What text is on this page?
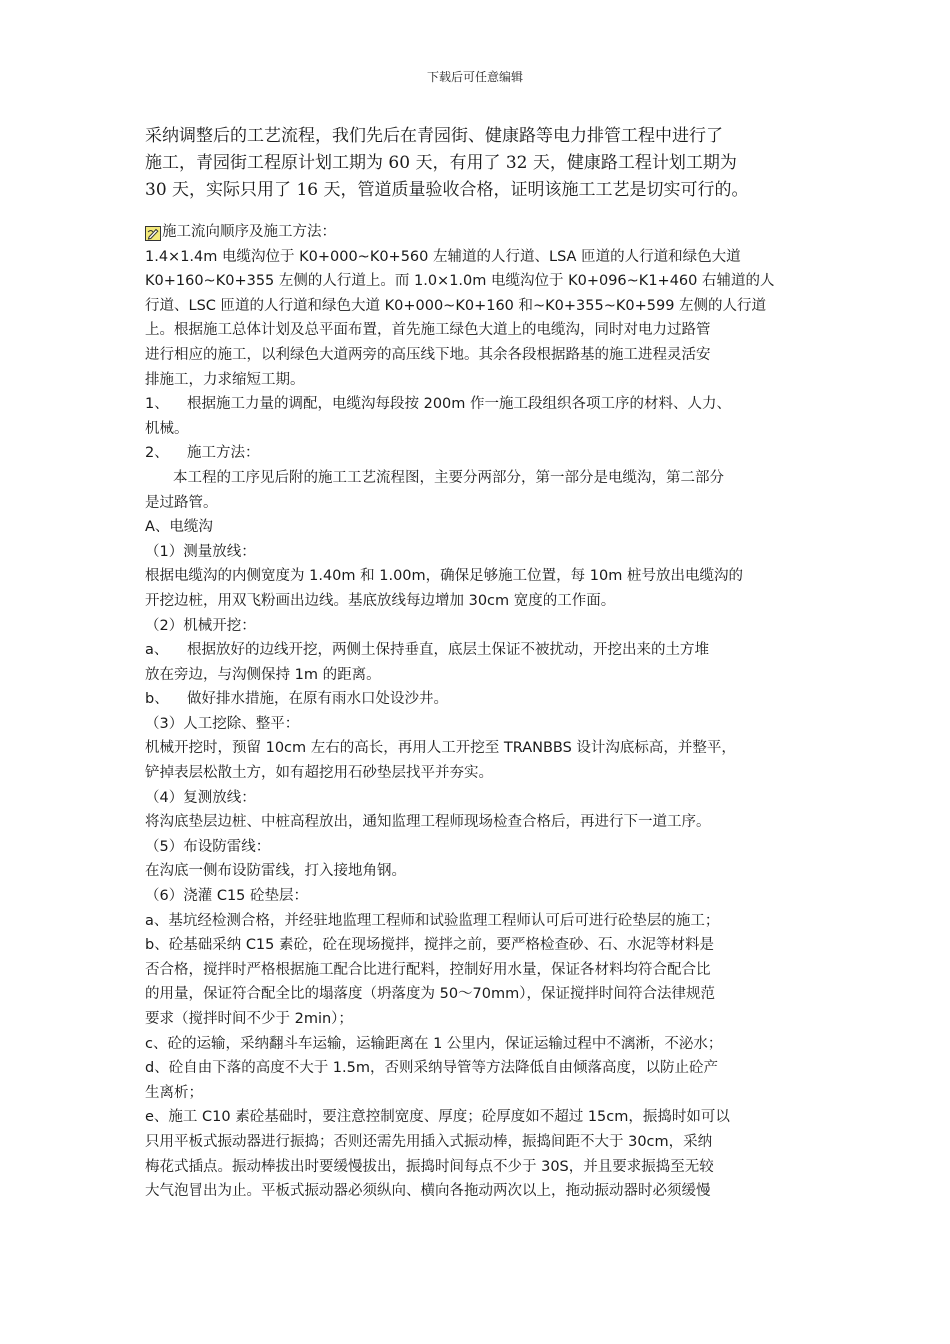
下载后可任意编辑

采纳调整后的工艺流程，我们先后在青园街、健康路等电力排管工程中进行了

施工，青园街工程原计划工期为 60 天，有用了 32 天，健康路工程计划工期为

30 天，实际只用了 16 天，管道质量验收合格，证明该施工工艺是切实可行的。

施工流向顺序及施工方法：

1.4×1.4m 电缆沟位于 K0+000~K0+560 左辅道的人行道、LSA 匝道的人行道和绿色大道

K0+160~K0+355 左侧的人行道上。而 1.0×1.0m 电缆沟位于 K0+096~K1+460 右辅道的人

行道、LSC 匝道的人行道和绿色大道 K0+000~K0+160 和~K0+355~K0+599 左侧的人行道

上。根据施工总体计划及总平面布置，首先施工绿色大道上的电缆沟，同时对电力过路管

进行相应的施工，以利绿色大道两旁的高压线下地。其余各段根据路基的施工进程灵活安

排施工，力求缩短工期。

1、 根据施工力量的调配，电缆沟每段按 200m 作一施工段组织各项工序的材料、人力、

机械。

2、 施工方法：

本工程的工序见后附的施工工艺流程图，主要分两部分，第一部分是电缆沟，第二部分

是过路管。

A、电缆沟

（1）测量放线：

根据电缆沟的内侧宽度为 1.40m 和 1.00m，确保足够施工位置，每 10m 桩号放出电缆沟的

开挖边桩，用双飞粉画出边线。基底放线每边增加 30cm 宽度的工作面。

（2）机械开挖：

a、 根据放好的边线开挖，两侧土保持垂直，底层土保证不被扰动，开挖出来的土方堆

放在旁边，与沟侧保持 1m 的距离。

b、 做好排水措施，在原有雨水口处设沙井。

（3）人工挖除、整平：

机械开挖时，预留 10cm 左右的高长，再用人工开挖至 TRANBBS 设计沟底标高，并整平，

铲掉表层松散土方，如有超挖用石砂垫层找平并夯实。

（4）复测放线：

将沟底垫层边桩、中桩高程放出，通知监理工程师现场检查合格后，再进行下一道工序。

（5）布设防雷线：

在沟底一侧布设防雷线，打入接地角钢。

（6）浇灌 C15 砼垫层：

a、基坑经检测合格，并经驻地监理工程师和试验监理工程师认可后可进行砼垫层的施工；

b、砼基础采纳 C15 素砼，砼在现场搅拌，搅拌之前，要严格检查砂、石、水泥等材料是

否合格，搅拌时严格根据施工配合比进行配料，控制好用水量，保证各材料均符合配合比

的用量，保证符合配全比的塌落度（坍落度为 50～70mm），保证搅拌时间符合法律规范

要求（搅拌时间不少于 2min）；

c、砼的运输，采纳翻斗车运输，运输距离在 1 公里内，保证运输过程中不漓淅，不泌水；

d、砼自由下落的高度不大于 1.5m，否则采纳导管等方法降低自由倾落高度，以防止砼产

生离析；

e、施工 C10 素砼基础时，要注意控制宽度、厚度；砼厚度如不超过 15cm，振捣时如可以

只用平板式振动器进行振捣；否则还需先用插入式振动棒，振捣间距不大于 30cm，采纳

梅花式插点。振动棒拔出时要缓慢拔出，振捣时间每点不少于 30S，并且要求振捣至无较

大气泡冒出为止。平板式振动器必须纵向、横向各拖动两次以上，拖动振动器时必须缓慢
